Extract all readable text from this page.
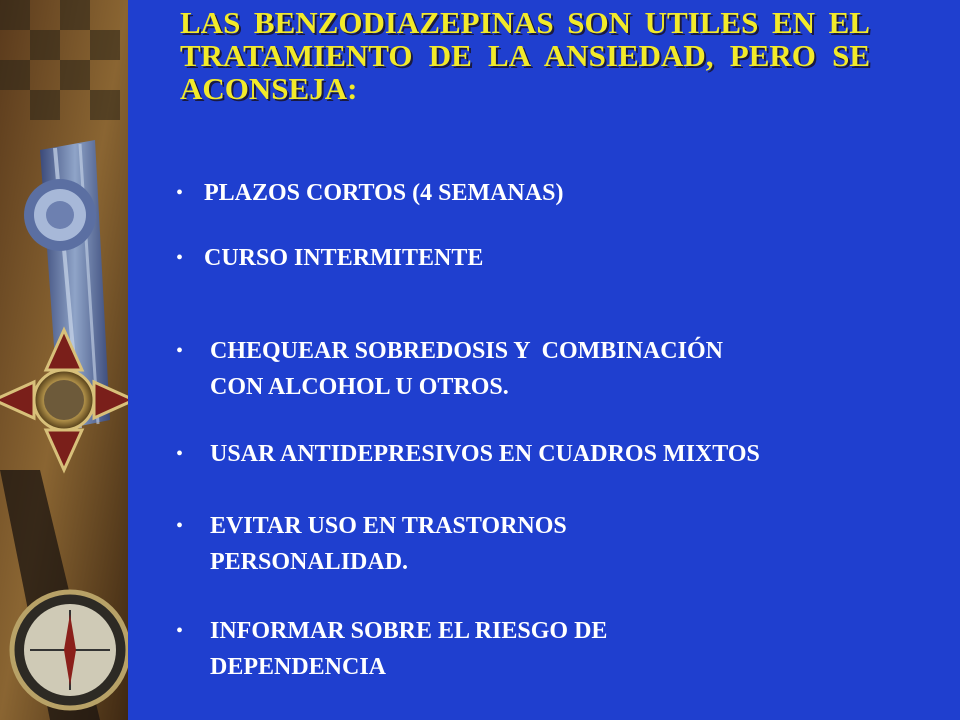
LAS BENZODIAZEPINAS SON UTILES EN EL TRATAMIENTO DE LA ANSIEDAD, PERO SE ACONSEJA:
• PLAZOS CORTOS (4 SEMANAS)
• CURSO INTERMITENTE
•	CHEQUEAR SOBREDOSIS Y  COMBINACIÓN
CON ALCOHOL U OTROS.
•	USAR ANTIDEPRESIVOS EN CUADROS MIXTOS
•	EVITAR USO EN TRASTORNOS
PERSONALIDAD.
•	INFORMAR SOBRE EL RIESGO DE
DEPENDENCIA
